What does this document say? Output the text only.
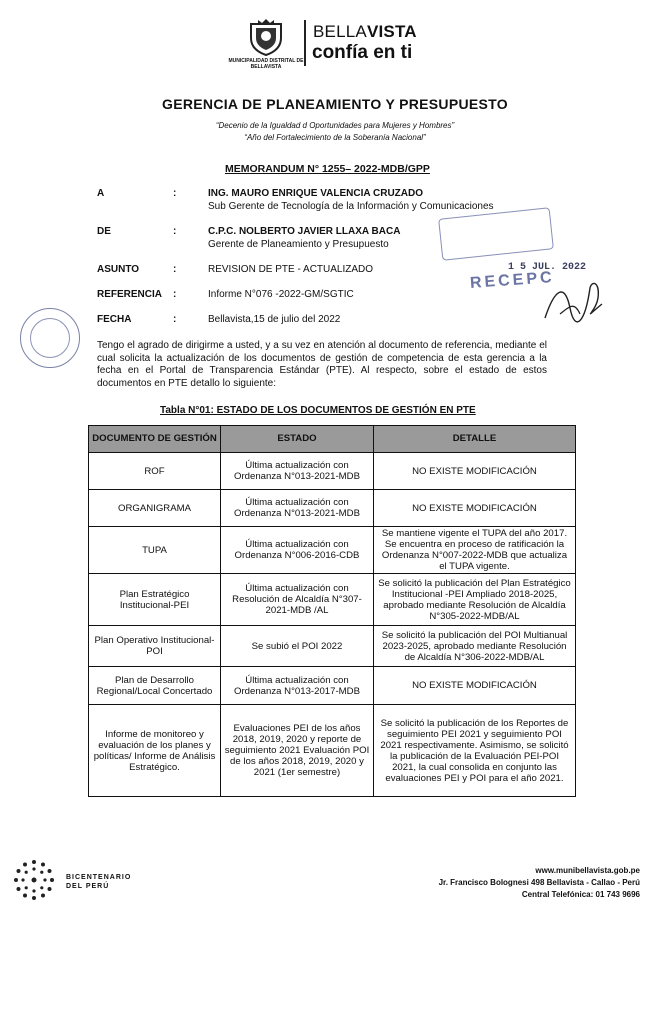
MUNICIPALIDAD DISTRITAL DE BELLAVISTA
BELLAVISTA
confía en ti
GERENCIA DE PLANEAMIENTO Y PRESUPUESTO
“Decenio de la Igualdad d Oportunidades para Mujeres y Hombres”
“Año del Fortalecimiento de la Soberanía Nacional”
MEMORANDUM N° 1255– 2022-MDB/GPP
A	:	ING. MAURO ENRIQUE VALENCIA CRUZADO
Sub Gerente de Tecnología de la Información y Comunicaciones
DE	:	C.P.C. NOLBERTO JAVIER LLAXA BACA
Gerente de Planeamiento y Presupuesto
ASUNTO	:	REVISION DE PTE - ACTUALIZADO
REFERENCIA :	Informe N°076 -2022-GM/SGTIC
FECHA	:	Bellavista,15 de julio del 2022
RECEPC
1 5 JUL. 2022
Tengo el agrado de dirigirme a usted, y a su vez en atención al documento de referencia, mediante el cual solicita la actualización de los documentos de gestión de competencia de esta gerencia a la fecha en el Portal de Transparencia Estándar (PTE). Al respecto, sobre el estado de estos documentos en PTE detallo lo siguiente:
Tabla N°01: ESTADO DE LOS DOCUMENTOS DE GESTIÓN EN PTE
DOCUMENTO DE GESTIÓN	ESTADO	DETALLE
ROF	Última actualización con Ordenanza N°013-2021-MDB	NO EXISTE MODIFICACIÓN
ORGANIGRAMA	Última actualización con Ordenanza N°013-2021-MDB	NO EXISTE MODIFICACIÓN
TUPA	Última actualización con Ordenanza N°006-2016-CDB	Se mantiene vigente el TUPA del año 2017. Se encuentra en proceso de ratificación la Ordenanza N°007-2022-MDB que actualiza el TUPA vigente.
Plan Estratégico Institucional-PEI	Última actualización con Resolución de Alcaldía N°307-2021-MDB /AL	Se solicitó la publicación del Plan Estratégico Institucional -PEI Ampliado 2018-2025, aprobado mediante Resolución de Alcaldía N°305-2022-MDB/AL
Plan Operativo Institucional-POI	Se subió el POI 2022	Se solicitó la publicación del POI Multianual 2023-2025, aprobado mediante Resolución de Alcaldía N°306-2022-MDB/AL
Plan de Desarrollo Regional/Local Concertado	Última actualización con Ordenanza N°013-2017-MDB	NO EXISTE MODIFICACIÓN
Informe de monitoreo y evaluación de los planes y políticas/ Informe de Análisis Estratégico.	Evaluaciones PEI de los años 2018, 2019, 2020 y reporte de seguimiento 2021 Evaluación POI de los años 2018, 2019, 2020 y 2021 (1er semestre)	Se solicitó la publicación de los Reportes de seguimiento PEI 2021 y seguimiento POI 2021 respectivamente. Asimismo, se solicitó la publicación de la Evaluación PEI-POI 2021, la cual consolida en conjunto las evaluaciones PEI y POI para el año 2021.
BICENTENARIO
DEL PERÚ
www.munibellavista.gob.pe
Jr. Francisco Bolognesi 498 Bellavista - Callao - Perú
Central Telefónica: 01 743 9696
